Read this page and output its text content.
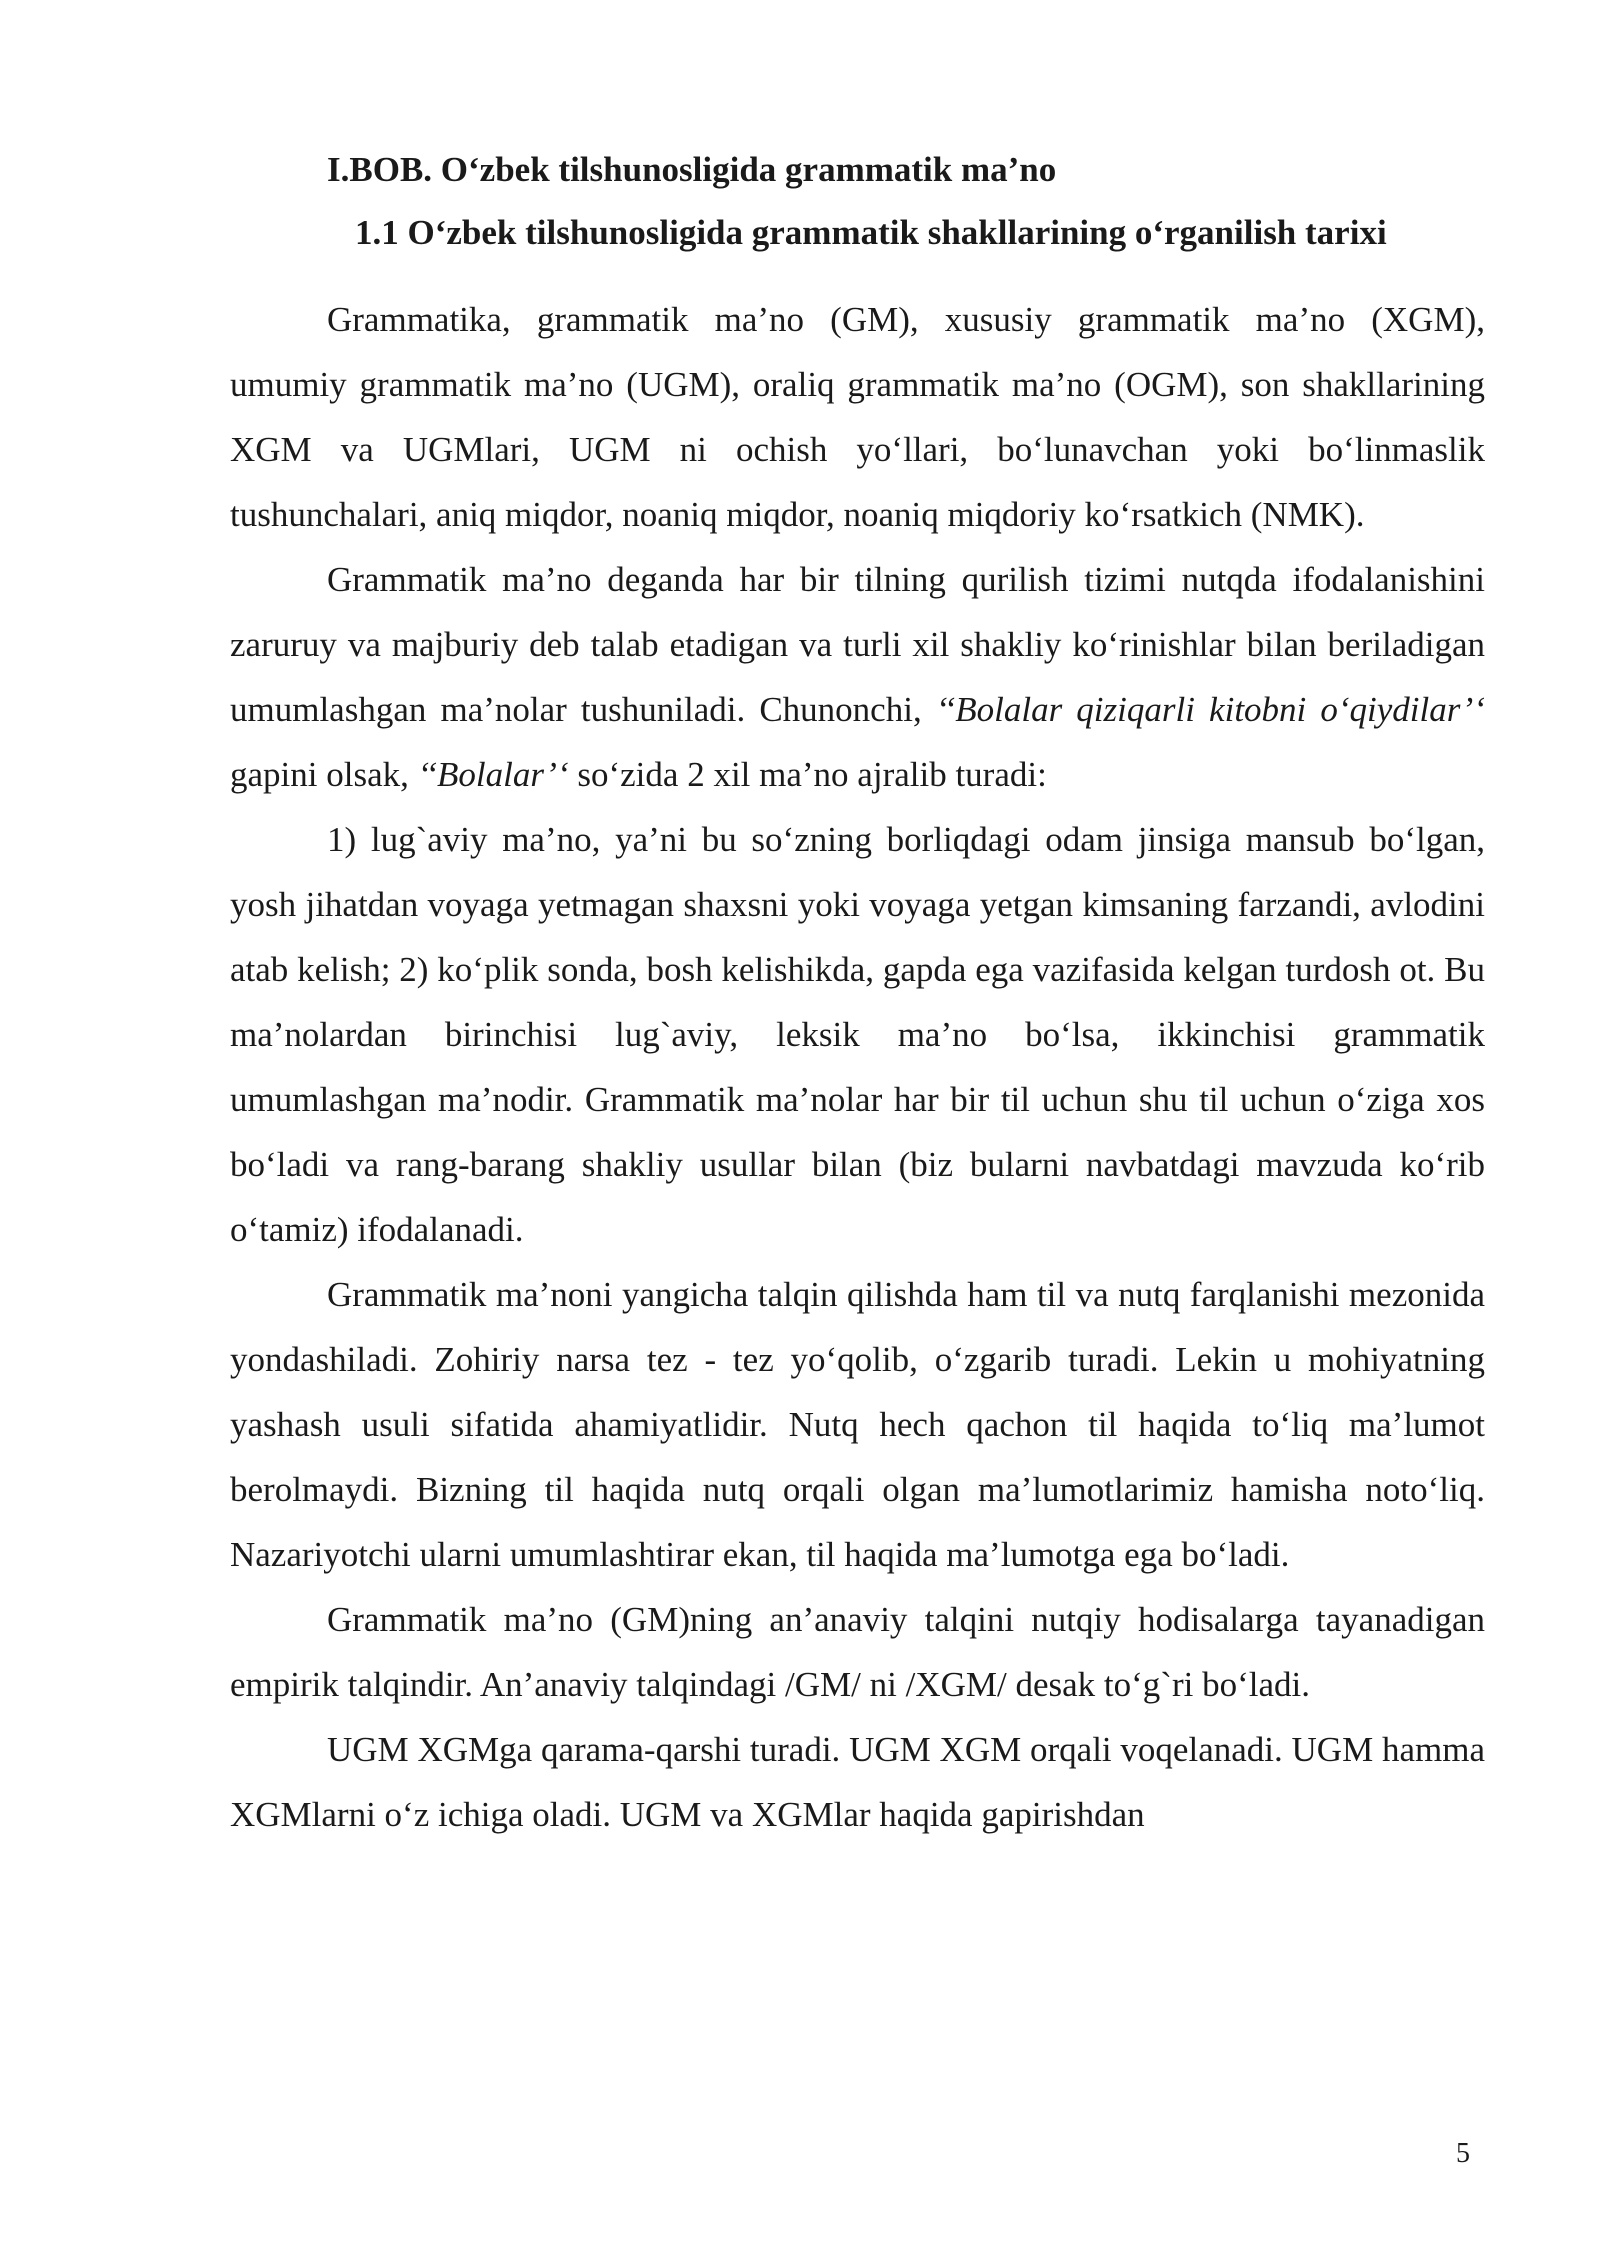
I.BOB. O‘zbek tilshunosligida grammatik ma’no
1.1 O‘zbek tilshunosligida grammatik shakllarining o‘rganilish tarixi

Grammatika, grammatik ma’no (GM), xususiy grammatik ma’no (XGM), umumiy grammatik ma’no (UGM), oraliq grammatik ma’no (OGM), son shakllarining XGM va UGMlari, UGM ni ochish yo‘llari, bo‘lunavchan yoki bo‘linmaslik tushunchalari, aniq miqdor, noaniq miqdor, noaniq miqdoriy ko‘rsatkich (NMK).

Grammatik ma’no deganda har bir tilning qurilish tizimi nutqda ifodalanishini zaruruy va majburiy deb talab etadigan va turli xil shakliy ko‘rinishlar bilan beriladigan umumlashgan ma’nolar tushuniladi. Chunonchi, ‘‘Bolalar qiziqarli kitobni o‘qiydilar’‘ gapini olsak, ‘‘Bolalar’‘ so‘zida 2 xil ma’no ajralib turadi:

1) lug`aviy ma’no, ya’ni bu so‘zning borliqdagi odam jinsiga mansub bo‘lgan, yosh jihatdan voyaga yetmagan shaxsni yoki voyaga yetgan kimsaning farzandi, avlodini atab kelish; 2) ko‘plik sonda, bosh kelishikda, gapda ega vazifasida kelgan turdosh ot. Bu ma’nolardan birinchisi lug`aviy, leksik ma’no bo‘lsa, ikkinchisi grammatik umumlashgan ma’nodir. Grammatik ma’nolar har bir til uchun shu til uchun o‘ziga xos bo‘ladi va rang-barang shakliy usullar bilan (biz bularni navbatdagi mavzuda ko‘rib o‘tamiz) ifodalanadi.

Grammatik ma’noni yangicha talqin qilishda ham til va nutq farqlanishi mezonida yondashiladi. Zohiriy narsa tez - tez yo‘qolib, o‘zgarib turadi. Lekin u mohiyatning yashash usuli sifatida ahamiyatlidir. Nutq hech qachon til haqida to‘liq ma’lumot berolmaydi. Bizning til haqida nutq orqali olgan ma’lumotlarimiz hamisha noto‘liq. Nazariyotchi ularni umumlashtirar ekan, til haqida ma’lumotga ega bo‘ladi.

Grammatik ma’no (GM)ning an’anaviy talqini nutqiy hodisalarga tayanadigan empirik talqindir. An’anaviy talqindagi /GM/ ni /XGM/ desak to‘g`ri bo‘ladi.

UGM XGMga qarama-qarshi turadi. UGM XGM orqali voqelanadi. UGM hamma XGMlarni o‘z ichiga oladi. UGM va XGMlar haqida gapirishdan

5
